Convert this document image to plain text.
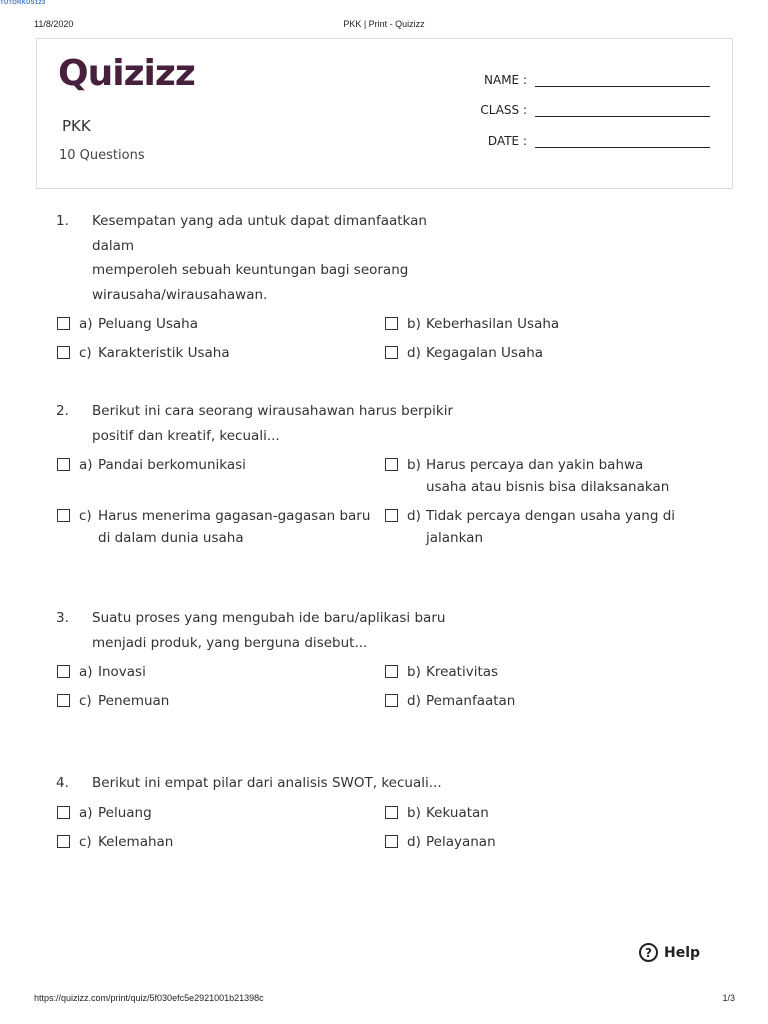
TUTORKUS123
11/8/2020	PKK | Print - Quizizz
Quizizz
PKK
10 Questions
NAME :
CLASS :
DATE :
1.	Kesempatan yang ada untuk dapat dimanfaatkan dalam
memperoleh sebuah keuntungan bagi seorang
wirausaha/wirausahawan.
a) Peluang Usaha	b) Keberhasilan Usaha
c) Karakteristik Usaha	d) Kegagalan Usaha
2.	Berikut ini cara seorang wirausahawan harus berpikir
positif dan kreatif, kecuali...
a) Pandai berkomunikasi	b) Harus percaya dan yakin bahwa usaha atau bisnis bisa dilaksanakan
c) Harus menerima gagasan-gagasan baru di dalam dunia usaha
d) Tidak percaya dengan usaha yang di jalankan
3.	Suatu proses yang mengubah ide baru/aplikasi baru
menjadi produk, yang berguna disebut...
a) Inovasi	b) Kreativitas
c) Penemuan	d) Pemanfaatan
4.	Berikut ini empat pilar dari analisis SWOT, kecuali...
a) Peluang	b) Kekuatan
c) Kelemahan	d) Pelayanan
? Help
https://quizizz.com/print/quiz/5f030efc5e2921001b21398c	1/3
